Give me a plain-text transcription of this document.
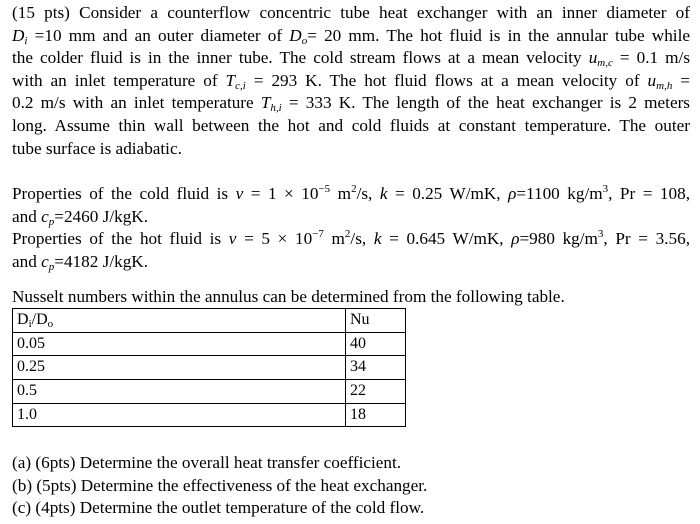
(15 pts) Consider a counterflow concentric tube heat exchanger with an inner diameter of
$D_i =10$ mm and an outer diameter of $D_o= 20$ mm. The hot fluid is in the annular tube while
the colder fluid is in the inner tube. The cold stream flows at a mean velocity $u_{m,c} = 0.1$ m/s
with an inlet temperature of $T_{c,i} = 293$ K. The hot fluid flows at a mean velocity of $u_{m,h}$ =
0.2 m/s with an inlet temperature $T_{h,i} = 333$ K. The length of the heat exchanger is 2 meters
long. Assume thin wall between the hot and cold fluids at constant temperature. The outer
tube surface is adiabatic.
Properties of the cold fluid is $\nu = 1 \times 10^{-5}$ $m^2/s$, k = 0.25 W/mK, ρ=1100 $kg/m^3$, Pr = 108,
and $c_p=2460$ J/kgK.
Properties of the hot fluid is $\nu = 5 \times 10^{-7}$ $m^2/s$, k = 0.645 W/mK, ρ=980 $kg/m^3$, Pr = 3.56,
and $c_p=4182$ J/kgK.

Nusselt numbers within the annulus can be determined from the following table.

$D_i/D_o$	Nu
0.05	40
0.25	34
0.5	22
1.0	18

(a) (6pts) Determine the overall heat transfer coefficient.

(b) (5pts) Determine the effectiveness of the heat exchanger.

(c) (4pts) Determine the outlet temperature of the cold flow.
